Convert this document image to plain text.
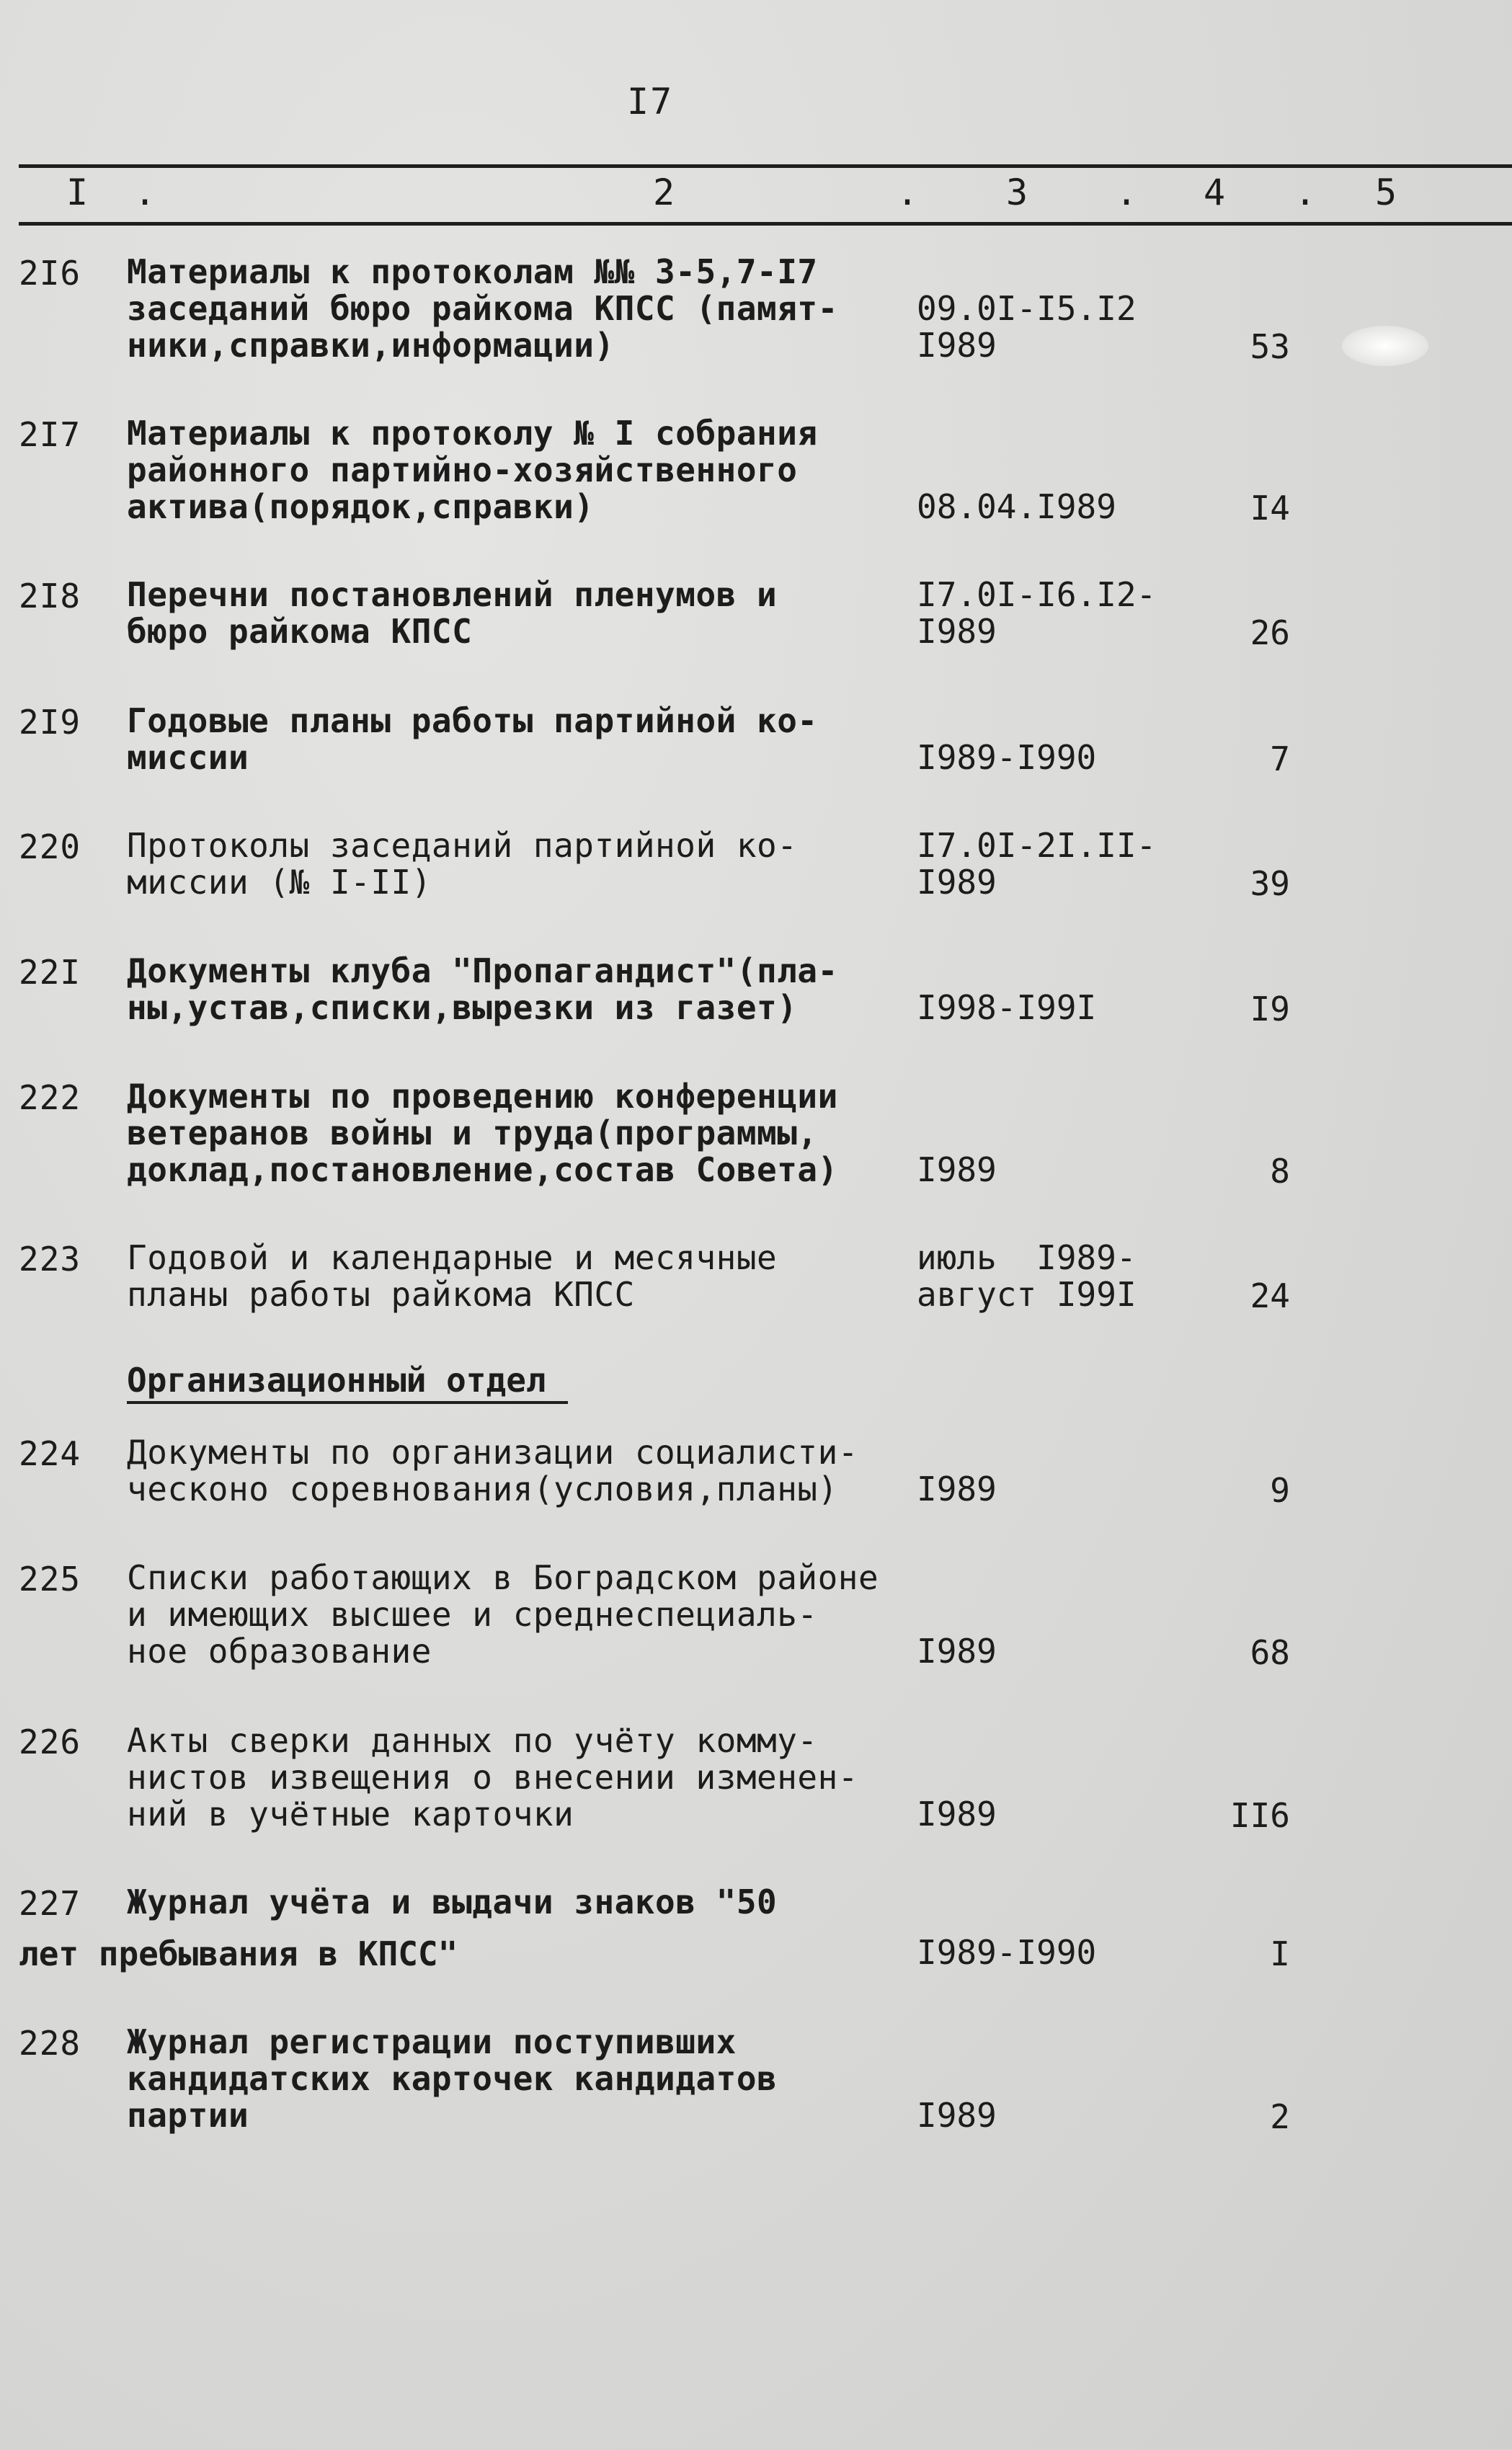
I7
I .	2	. 3 . 4 . 5
2I6 Материалы к протоколам №№ 3-5,7-I7
заседаний бюро райкома КПСС (памят-
ники,справки,информации)
09.0I-I5.I2
I989	53
2I7 Материалы к протоколу № I собрания
районного партийно-хозяйственного
актива(порядок,справки)	08.04.I989	I4
2I8 Перечни постановлений пленумов и
бюро райкома КПСС
I7.0I-I6.I2-
I989	26
2I9 Годовые планы работы партийной ко-
миссии	I989-I990	7
220 Протоколы заседаний партийной ко-
миссии (№ I-II)
I7.0I-2I.II-
I989	39
22I Документы клуба "Пропагандист"(пла-
ны,устав,списки,вырезки из газет)	I998-I99I	I9
222 Документы по проведению конференции
ветеранов войны и труда(программы,
доклад,постановление,состав Совета)	I989	8
223 Годовой и календарные и месячные
планы работы райкома КПСС
июль  I989-
август I99I	24
Организационный отдел
224 Документы по организации социалисти-
ческоно соревнования(условия,планы)	I989	9
225 Списки работающих в Боградском районе
и имеющих высшее и среднеспециаль-
ное образование	I989	68
226 Акты сверки данных по учёту комму-
нистов извещения о внесении изменен-
ний в учётные карточки	I989	II6
227 Журнал учёта и выдачи знаков "50
лет пребывания в КПСС"	I989-I990	I
228 Журнал регистрации поступивших
кандидатских карточек кандидатов
партии	I989	2
